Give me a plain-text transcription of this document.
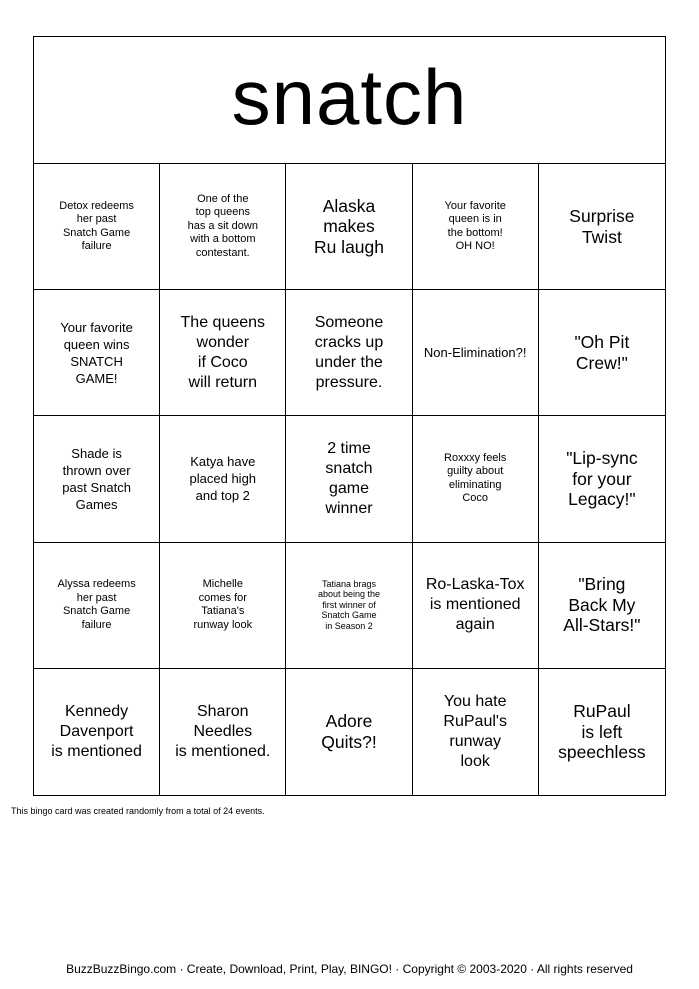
snatch
Detox redeems
her past
Snatch Game
failure
One of the
top queens
has a sit down
with a bottom
contestant.
Alaska
makes
Ru laugh
Your favorite
queen is in
the bottom!
OH NO!
Surprise
Twist
Your favorite
queen wins
SNATCH
GAME!
The queens
wonder
if Coco
will return
Someone
cracks up
under the
pressure.
Non-Elimination?!
"Oh Pit
Crew!"
Shade is
thrown over
past Snatch
Games
Katya have
placed high
and top 2
2 time
snatch
game
winner
Roxxxy feels
guilty about
eliminating
Coco
"Lip-sync
for your
Legacy!"
Alyssa redeems
her past
Snatch Game
failure
Michelle
comes for
Tatiana's
runway look
Tatiana brags
about being the
first winner of
Snatch Game
in Season 2
Ro-Laska-Tox
is mentioned
again
"Bring
Back My
All-Stars!"
Kennedy
Davenport
is mentioned
Sharon
Needles
is mentioned.
Adore
Quits?!
You hate
RuPaul's
runway
look
RuPaul
is left
speechless
This bingo card was created randomly from a total of 24 events.
BuzzBuzzBingo.com · Create, Download, Print, Play, BINGO! · Copyright © 2003-2020 · All rights reserved
